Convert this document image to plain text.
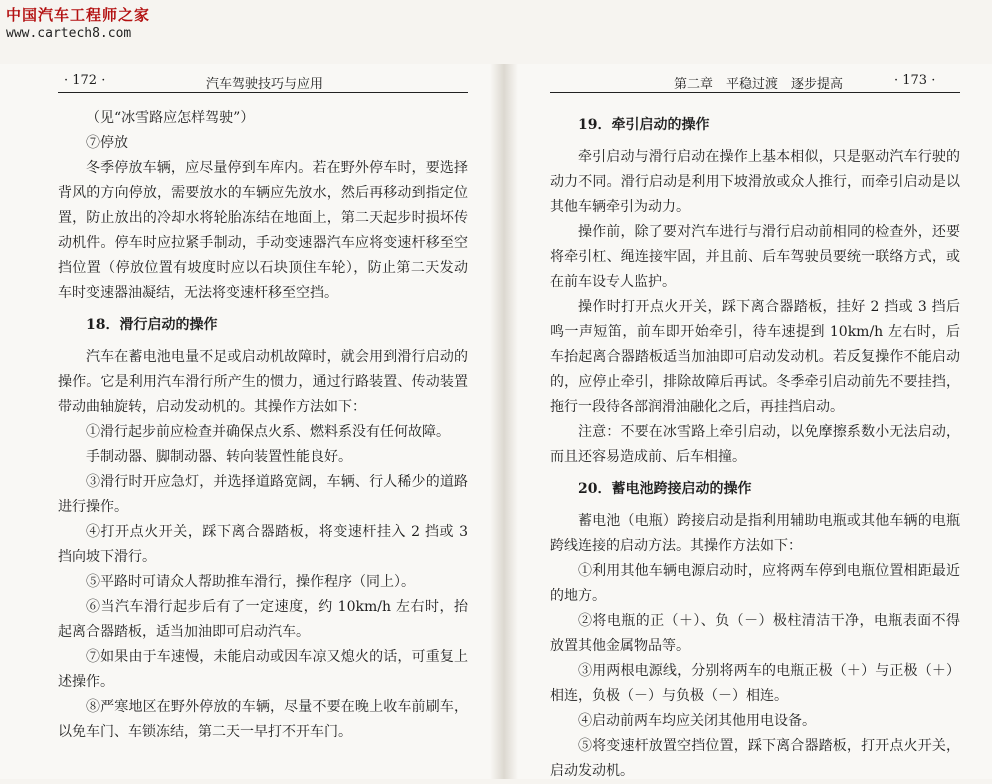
中国汽车工程师之家
www.cartech8.com
· 172 ·	汽车驾驶技巧与应用

（见“冰雪路应怎样驾驶”）

⑦停放

冬季停放车辆，应尽量停到车库内。若在野外停车时，要选择背风的方向停放，需要放水的车辆应先放水，然后再移动到指定位置，防止放出的冷却水将轮胎冻结在地面上，第二天起步时损坏传动机件。停车时应拉紧手制动，手动变速器汽车应将变速杆移至空挡位置（停放位置有坡度时应以石块顶住车轮），防止第二天发动车时变速器油凝结，无法将变速杆移至空挡。

18．滑行启动的操作

汽车在蓄电池电量不足或启动机故障时，就会用到滑行启动的操作。它是利用汽车滑行所产生的惯力，通过行路装置、传动装置带动曲轴旋转，启动发动机的。其操作方法如下：

①滑行起步前应检查并确保点火系、燃料系没有任何故障。

手制动器、脚制动器、转向装置性能良好。

③滑行时开应急灯，并选择道路宽阔，车辆、行人稀少的道路进行操作。

④打开点火开关，踩下离合器踏板，将变速杆挂入 2 挡或 3 挡向坡下滑行。

⑤平路时可请众人帮助推车滑行，操作程序（同上）。

⑥当汽车滑行起步后有了一定速度，约 10km/h 左右时，抬起离合器踏板，适当加油即可启动汽车。

⑦如果由于车速慢，未能启动或因车凉又熄火的话，可重复上述操作。

⑧严寒地区在野外停放的车辆，尽量不要在晚上收车前刷车，以免车门、车锁冻结，第二天一早打不开车门。

第二章　平稳过渡　逐步提高	· 173 ·
19．牵引启动的操作

牵引启动与滑行启动在操作上基本相似，只是驱动汽车行驶的动力不同。滑行启动是利用下坡滑放或众人推行，而牵引启动是以其他车辆牵引为动力。

操作前，除了要对汽车进行与滑行启动前相同的检查外，还要将牵引杠、绳连接牢固，并且前、后车驾驶员要统一联络方式，或在前车设专人监护。

操作时打开点火开关，踩下离合器踏板，挂好 2 挡或 3 挡后鸣一声短笛，前车即开始牵引，待车速提到 10km/h 左右时，后车抬起离合器踏板适当加油即可启动发动机。若反复操作不能启动的，应停止牵引，排除故障后再试。冬季牵引启动前先不要挂挡，拖行一段待各部润滑油融化之后，再挂挡启动。

注意：不要在冰雪路上牵引启动，以免摩擦系数小无法启动，而且还容易造成前、后车相撞。

20．蓄电池跨接启动的操作

蓄电池（电瓶）跨接启动是指利用辅助电瓶或其他车辆的电瓶跨线连接的启动方法。其操作方法如下：

①利用其他车辆电源启动时，应将两车停到电瓶位置相距最近的地方。

②将电瓶的正（＋）、负（－）极柱清洁干净，电瓶表面不得放置其他金属物品等。

③用两根电源线，分别将两车的电瓶正极（＋）与正极（＋）相连，负极（－）与负极（－）相连。

④启动前两车均应关闭其他用电设备。

⑤将变速杆放置空挡位置，踩下离合器踏板，打开点火开关，启动发动机。
